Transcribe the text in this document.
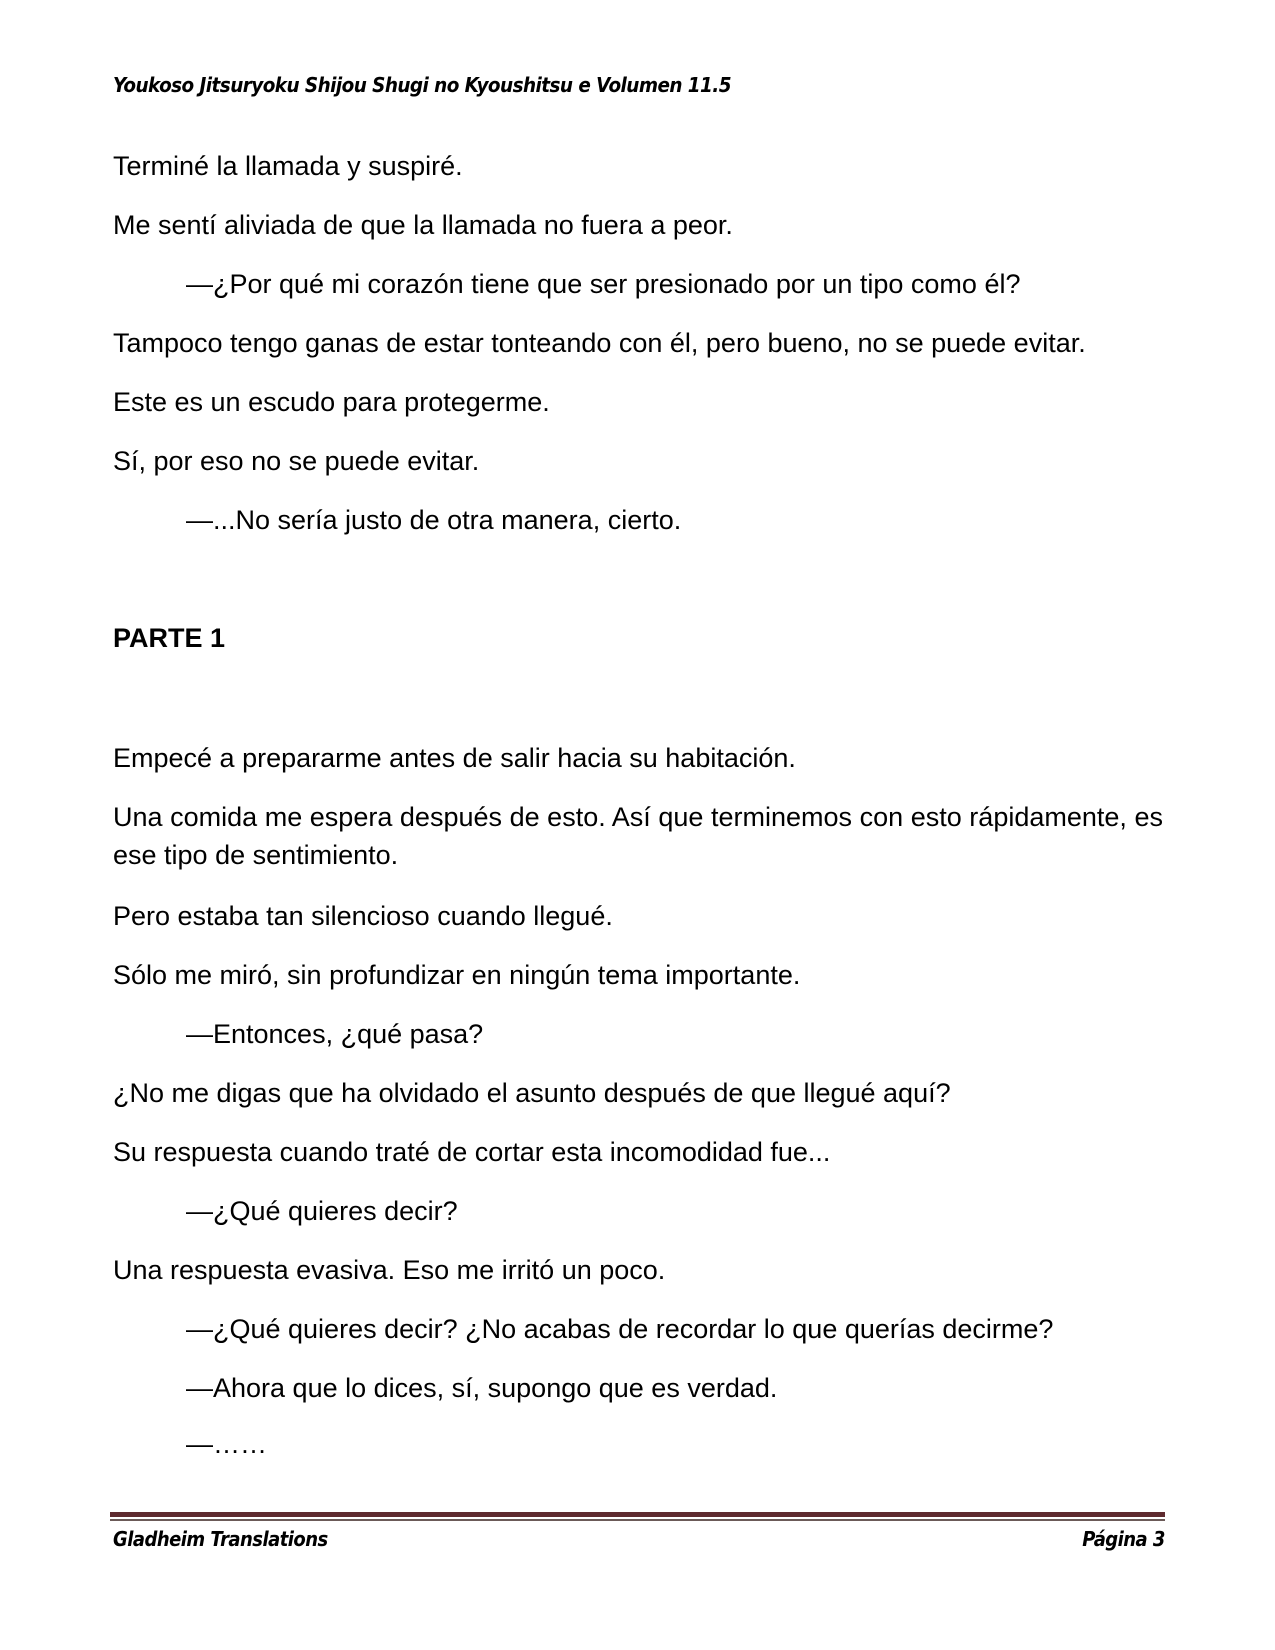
Youkoso Jitsuryoku Shijou Shugi no Kyoushitsu e Volumen 11.5
Terminé la llamada y suspiré.
Me sentí aliviada de que la llamada no fuera a peor.
—¿Por qué mi corazón tiene que ser presionado por un tipo como él?
Tampoco tengo ganas de estar tonteando con él, pero bueno, no se puede evitar.
Este es un escudo para protegerme.
Sí, por eso no se puede evitar.
—...No sería justo de otra manera, cierto.
PARTE 1
Empecé a prepararme antes de salir hacia su habitación.
Una comida me espera después de esto. Así que terminemos con esto rápidamente, es ese tipo de sentimiento.
Pero estaba tan silencioso cuando llegué.
Sólo me miró, sin profundizar en ningún tema importante.
—Entonces, ¿qué pasa?
¿No me digas que ha olvidado el asunto después de que llegué aquí?
Su respuesta cuando traté de cortar esta incomodidad fue...
—¿Qué quieres decir?
Una respuesta evasiva. Eso me irritó un poco.
—¿Qué quieres decir? ¿No acabas de recordar lo que querías decirme?
—Ahora que lo dices, sí, supongo que es verdad.
—……
Gladheim Translations	Página 3
